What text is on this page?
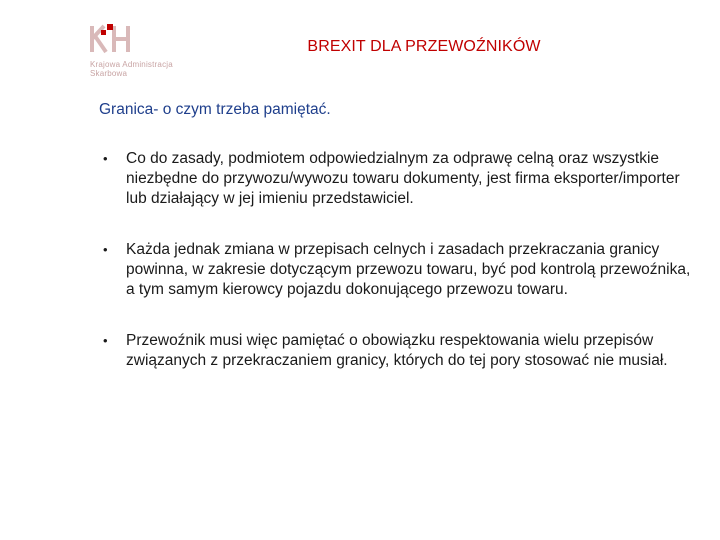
Krajowa Administracja
Skarbowa
BREXIT DLA PRZEWOŹNIKÓW
Granica- o czym trzeba pamiętać.
• Co do zasady, podmiotem odpowiedzialnym za odprawę celną oraz wszystkie niezbędne do przywozu/wywozu towaru dokumenty, jest firma eksporter/importer lub działający w jej imieniu przedstawiciel.
• Każda jednak zmiana w przepisach celnych i zasadach przekraczania granicy powinna, w zakresie dotyczącym przewozu towaru, być pod kontrolą przewoźnika, a tym samym kierowcy pojazdu dokonującego przewozu towaru.
• Przewoźnik musi więc pamiętać o obowiązku respektowania wielu przepisów związanych z przekraczaniem granicy, których do tej pory stosować nie musiał.
